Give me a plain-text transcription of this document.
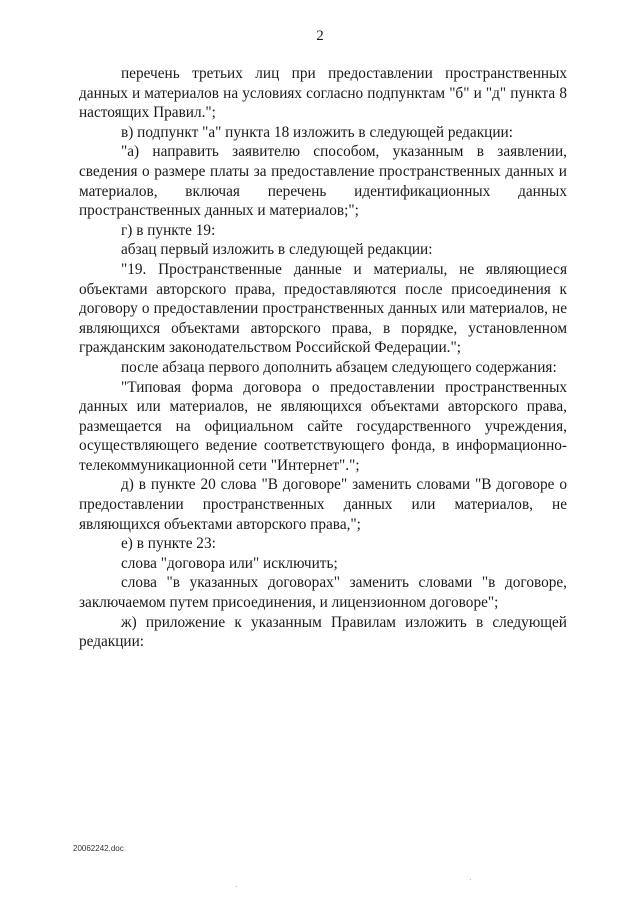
2

перечень третьих лиц при предоставлении пространственных данных и материалов на условиях согласно подпунктам "б" и "д" пункта 8 настоящих Правил.";

в) подпункт "а" пункта 18 изложить в следующей редакции:

"а) направить заявителю способом, указанным в заявлении, сведения о размере платы за предоставление пространственных данных и материалов, включая перечень идентификационных данных пространственных данных и материалов;";

г) в пункте 19:

абзац первый изложить в следующей редакции:

"19. Пространственные данные и материалы, не являющиеся объектами авторского права, предоставляются после присоединения к договору о предоставлении пространственных данных или материалов, не являющихся объектами авторского права, в порядке, установленном гражданским законодательством Российской Федерации.";

после абзаца первого дополнить абзацем следующего содержания:

"Типовая форма договора о предоставлении пространственных данных или материалов, не являющихся объектами авторского права, размещается на официальном сайте государственного учреждения, осуществляющего ведение соответствующего фонда, в информационно-телекоммуникационной сети "Интернет".";

д) в пункте 20 слова "В договоре" заменить словами "В договоре о предоставлении пространственных данных или материалов, не являющихся объектами авторского права,";

е) в пункте 23:

слова "договора или" исключить;

слова "в указанных договорах" заменить словами "в договоре, заключаемом путем присоединения, и лицензионном договоре";

ж) приложение к указанным Правилам изложить в следующей редакции:

20062242.doc
